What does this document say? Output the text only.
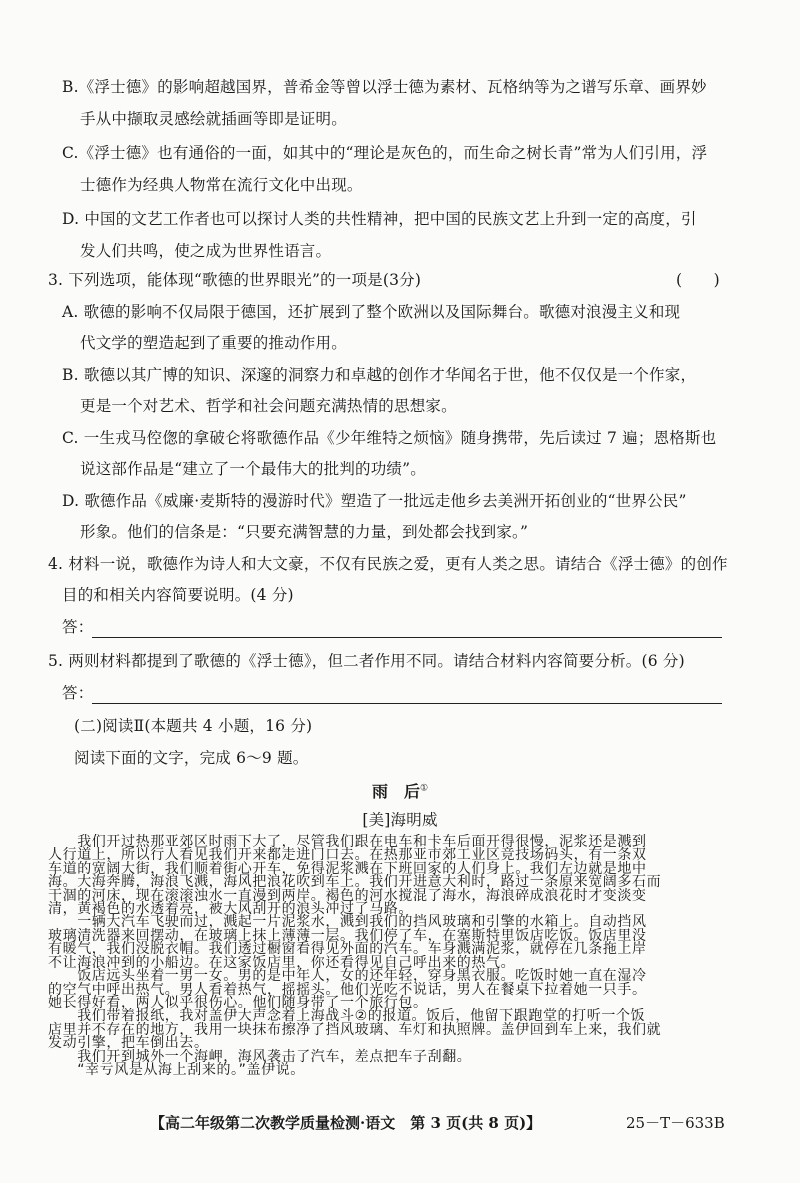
B.《浮士德》的影响超越国界，普希金等曾以浮士德为素材、瓦格纳等为之谱写乐章、画界妙
手从中撷取灵感绘就插画等即是证明。
C.《浮士德》也有通俗的一面，如其中的“理论是灰色的，而生命之树长青”常为人们引用，浮
士德作为经典人物常在流行文化中出现。
D. 中国的文艺工作者也可以探讨人类的共性精神，把中国的民族文艺上升到一定的高度，引
发人们共鸣，使之成为世界性语言。
3. 下列选项，能体现“歌德的世界眼光”的一项是(3分)	(　　)
A. 歌德的影响不仅局限于德国，还扩展到了整个欧洲以及国际舞台。歌德对浪漫主义和现
代文学的塑造起到了重要的推动作用。
B. 歌德以其广博的知识、深邃的洞察力和卓越的创作才华闻名于世，他不仅仅是一个作家，
更是一个对艺术、哲学和社会问题充满热情的思想家。
C. 一生戎马倥偬的拿破仑将歌德作品《少年维特之烦恼》随身携带，先后读过 7 遍；恩格斯也
说这部作品是“建立了一个最伟大的批判的功绩”。
D. 歌德作品《威廉·麦斯特的漫游时代》塑造了一批远走他乡去美洲开拓创业的“世界公民”
形象。他们的信条是：“只要充满智慧的力量，到处都会找到家。”
4. 材料一说，歌德作为诗人和大文豪，不仅有民族之爱，更有人类之思。请结合《浮士德》的创作
目的和相关内容简要说明。(4 分)
答：
5. 两则材料都提到了歌德的《浮士德》，但二者作用不同。请结合材料内容简要分析。(6 分)
答：
(二)阅读Ⅱ(本题共 4 小题，16 分)
阅读下面的文字，完成 6～9 题。
雨　后①
[美]海明威
　　我们开过热那亚郊区时雨下大了，尽管我们跟在电车和卡车后面开得很慢，泥浆还是溅到
人行道上，所以行人看见我们开来都走进门口去。在热那亚市郊工业区竞技场码头，有一条双
车道的宽阔大街，我们顺着街心开车，免得泥浆溅在下班回家的人们身上。我们左边就是地中
海。大海奔腾，海浪飞溅，海风把浪花吹到车上。我们开进意大利时，路过一条原来宽阔多石而
干涸的河床，现在滚滚浊水一直漫到两岸。褐色的河水搅混了海水，海浪碎成浪花时才变淡变
清，黄褐色的水透着亮，被大风刮开的浪头冲过了马路。
　　一辆大汽车飞驶而过，溅起一片泥浆水，溅到我们的挡风玻璃和引擎的水箱上。自动挡风
玻璃清洗器来回摆动，在玻璃上抹上薄薄一层。我们停了车，在塞斯特里饭店吃饭。饭店里没
有暖气，我们没脱衣帽。我们透过橱窗看得见外面的汽车。车身溅满泥浆，就停在几条拖上岸
不让海浪冲到的小船边。在这家饭店里，你还看得见自己呼出来的热气。
　　饭店远头坐着一男一女。男的是中年人，女的还年轻，穿身黑衣服。吃饭时她一直在湿冷
的空气中呼出热气。男人看着热气，摇摇头。他们光吃不说话，男人在餐桌下拉着她一只手。
她长得好看，两人似乎很伤心。他们随身带了一个旅行包。
　　我们带着报纸，我对盖伊大声念着上海战斗②的报道。饭后，他留下跟跑堂的打听一个饭
店里并不存在的地方，我用一块抹布擦净了挡风玻璃、车灯和执照牌。盖伊回到车上来，我们就
发动引擎，把车倒出去。
　　我们开到城外一个海岬，海风袭击了汽车，差点把车子刮翻。
　　“幸亏风是从海上刮来的。”盖伊说。
【高二年级第二次教学质量检测·语文　第 3 页(共 8 页)】	25－T－633B
